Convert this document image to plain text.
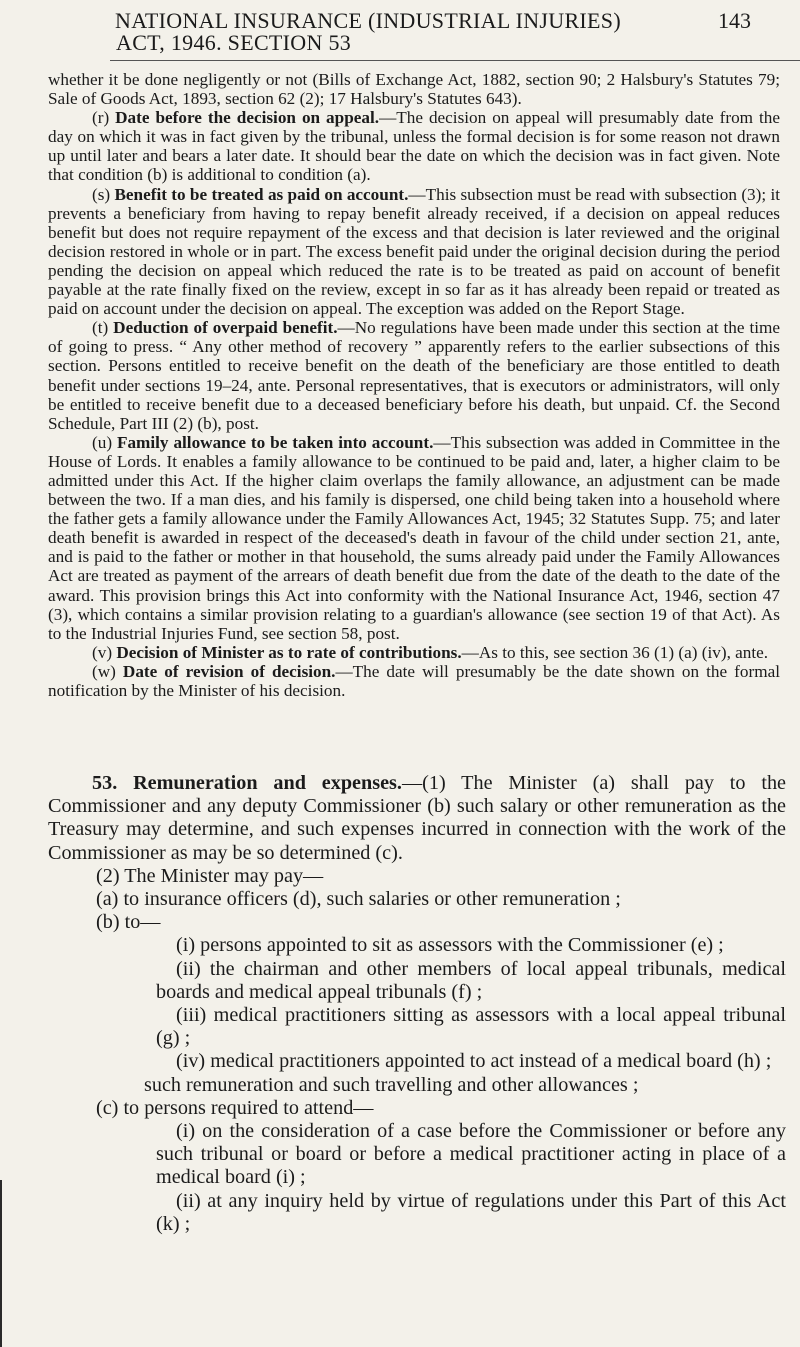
NATIONAL INSURANCE (INDUSTRIAL INJURIES)	143
ACT, 1946. SECTION 53

whether it be done negligently or not (Bills of Exchange Act, 1882, section 90; 2 Halsbury's Statutes 79; Sale of Goods Act, 1893, section 62 (2); 17 Halsbury's Statutes 643).

(r) Date before the decision on appeal.—The decision on appeal will presumably date from the day on which it was in fact given by the tribunal, unless the formal decision is for some reason not drawn up until later and bears a later date. It should bear the date on which the decision was in fact given. Note that condition (b) is additional to condition (a).

(s) Benefit to be treated as paid on account.—This subsection must be read with subsection (3); it prevents a beneficiary from having to repay benefit already received, if a decision on appeal reduces benefit but does not require repayment of the excess and that decision is later reviewed and the original decision restored in whole or in part. The excess benefit paid under the original decision during the period pending the decision on appeal which reduced the rate is to be treated as paid on account of benefit payable at the rate finally fixed on the review, except in so far as it has already been repaid or treated as paid on account under the decision on appeal. The exception was added on the Report Stage.

(t) Deduction of overpaid benefit.—No regulations have been made under this section at the time of going to press. “ Any other method of recovery ” apparently refers to the earlier subsections of this section. Persons entitled to receive benefit on the death of the beneficiary are those entitled to death benefit under sections 19–24, ante. Personal representatives, that is executors or administrators, will only be entitled to receive benefit due to a deceased beneficiary before his death, but unpaid. Cf. the Second Schedule, Part III (2) (b), post.

(u) Family allowance to be taken into account.—This subsection was added in Committee in the House of Lords. It enables a family allowance to be continued to be paid and, later, a higher claim to be admitted under this Act. If the higher claim overlaps the family allowance, an adjustment can be made between the two. If a man dies, and his family is dispersed, one child being taken into a household where the father gets a family allowance under the Family Allowances Act, 1945; 32 Statutes Supp. 75; and later death benefit is awarded in respect of the deceased's death in favour of the child under section 21, ante, and is paid to the father or mother in that household, the sums already paid under the Family Allowances Act are treated as payment of the arrears of death benefit due from the date of the death to the date of the award. This provision brings this Act into conformity with the National Insurance Act, 1946, section 47 (3), which contains a similar provision relating to a guardian's allowance (see section 19 of that Act). As to the Industrial Injuries Fund, see section 58, post.

(v) Decision of Minister as to rate of contributions.—As to this, see section 36 (1) (a) (iv), ante.

(w) Date of revision of decision.—The date will presumably be the date shown on the formal notification by the Minister of his decision.

53. Remuneration and expenses.—(1) The Minister (a) shall pay to the Commissioner and any deputy Commissioner (b) such salary or other remuneration as the Treasury may determine, and such expenses incurred in connection with the work of the Commissioner as may be so determined (c).

(2) The Minister may pay—

(a) to insurance officers (d), such salaries or other remuneration ;

(b) to—

(i) persons appointed to sit as assessors with the Commissioner (e) ;

(ii) the chairman and other members of local appeal tribunals, medical boards and medical appeal tribunals (f) ;

(iii) medical practitioners sitting as assessors with a local appeal tribunal (g) ;

(iv) medical practitioners appointed to act instead of a medical board (h) ;

such remuneration and such travelling and other allowances ;

(c) to persons required to attend—

(i) on the consideration of a case before the Commissioner or before any such tribunal or board or before a medical practitioner acting in place of a medical board (i) ;

(ii) at any inquiry held by virtue of regulations under this Part of this Act (k) ;
